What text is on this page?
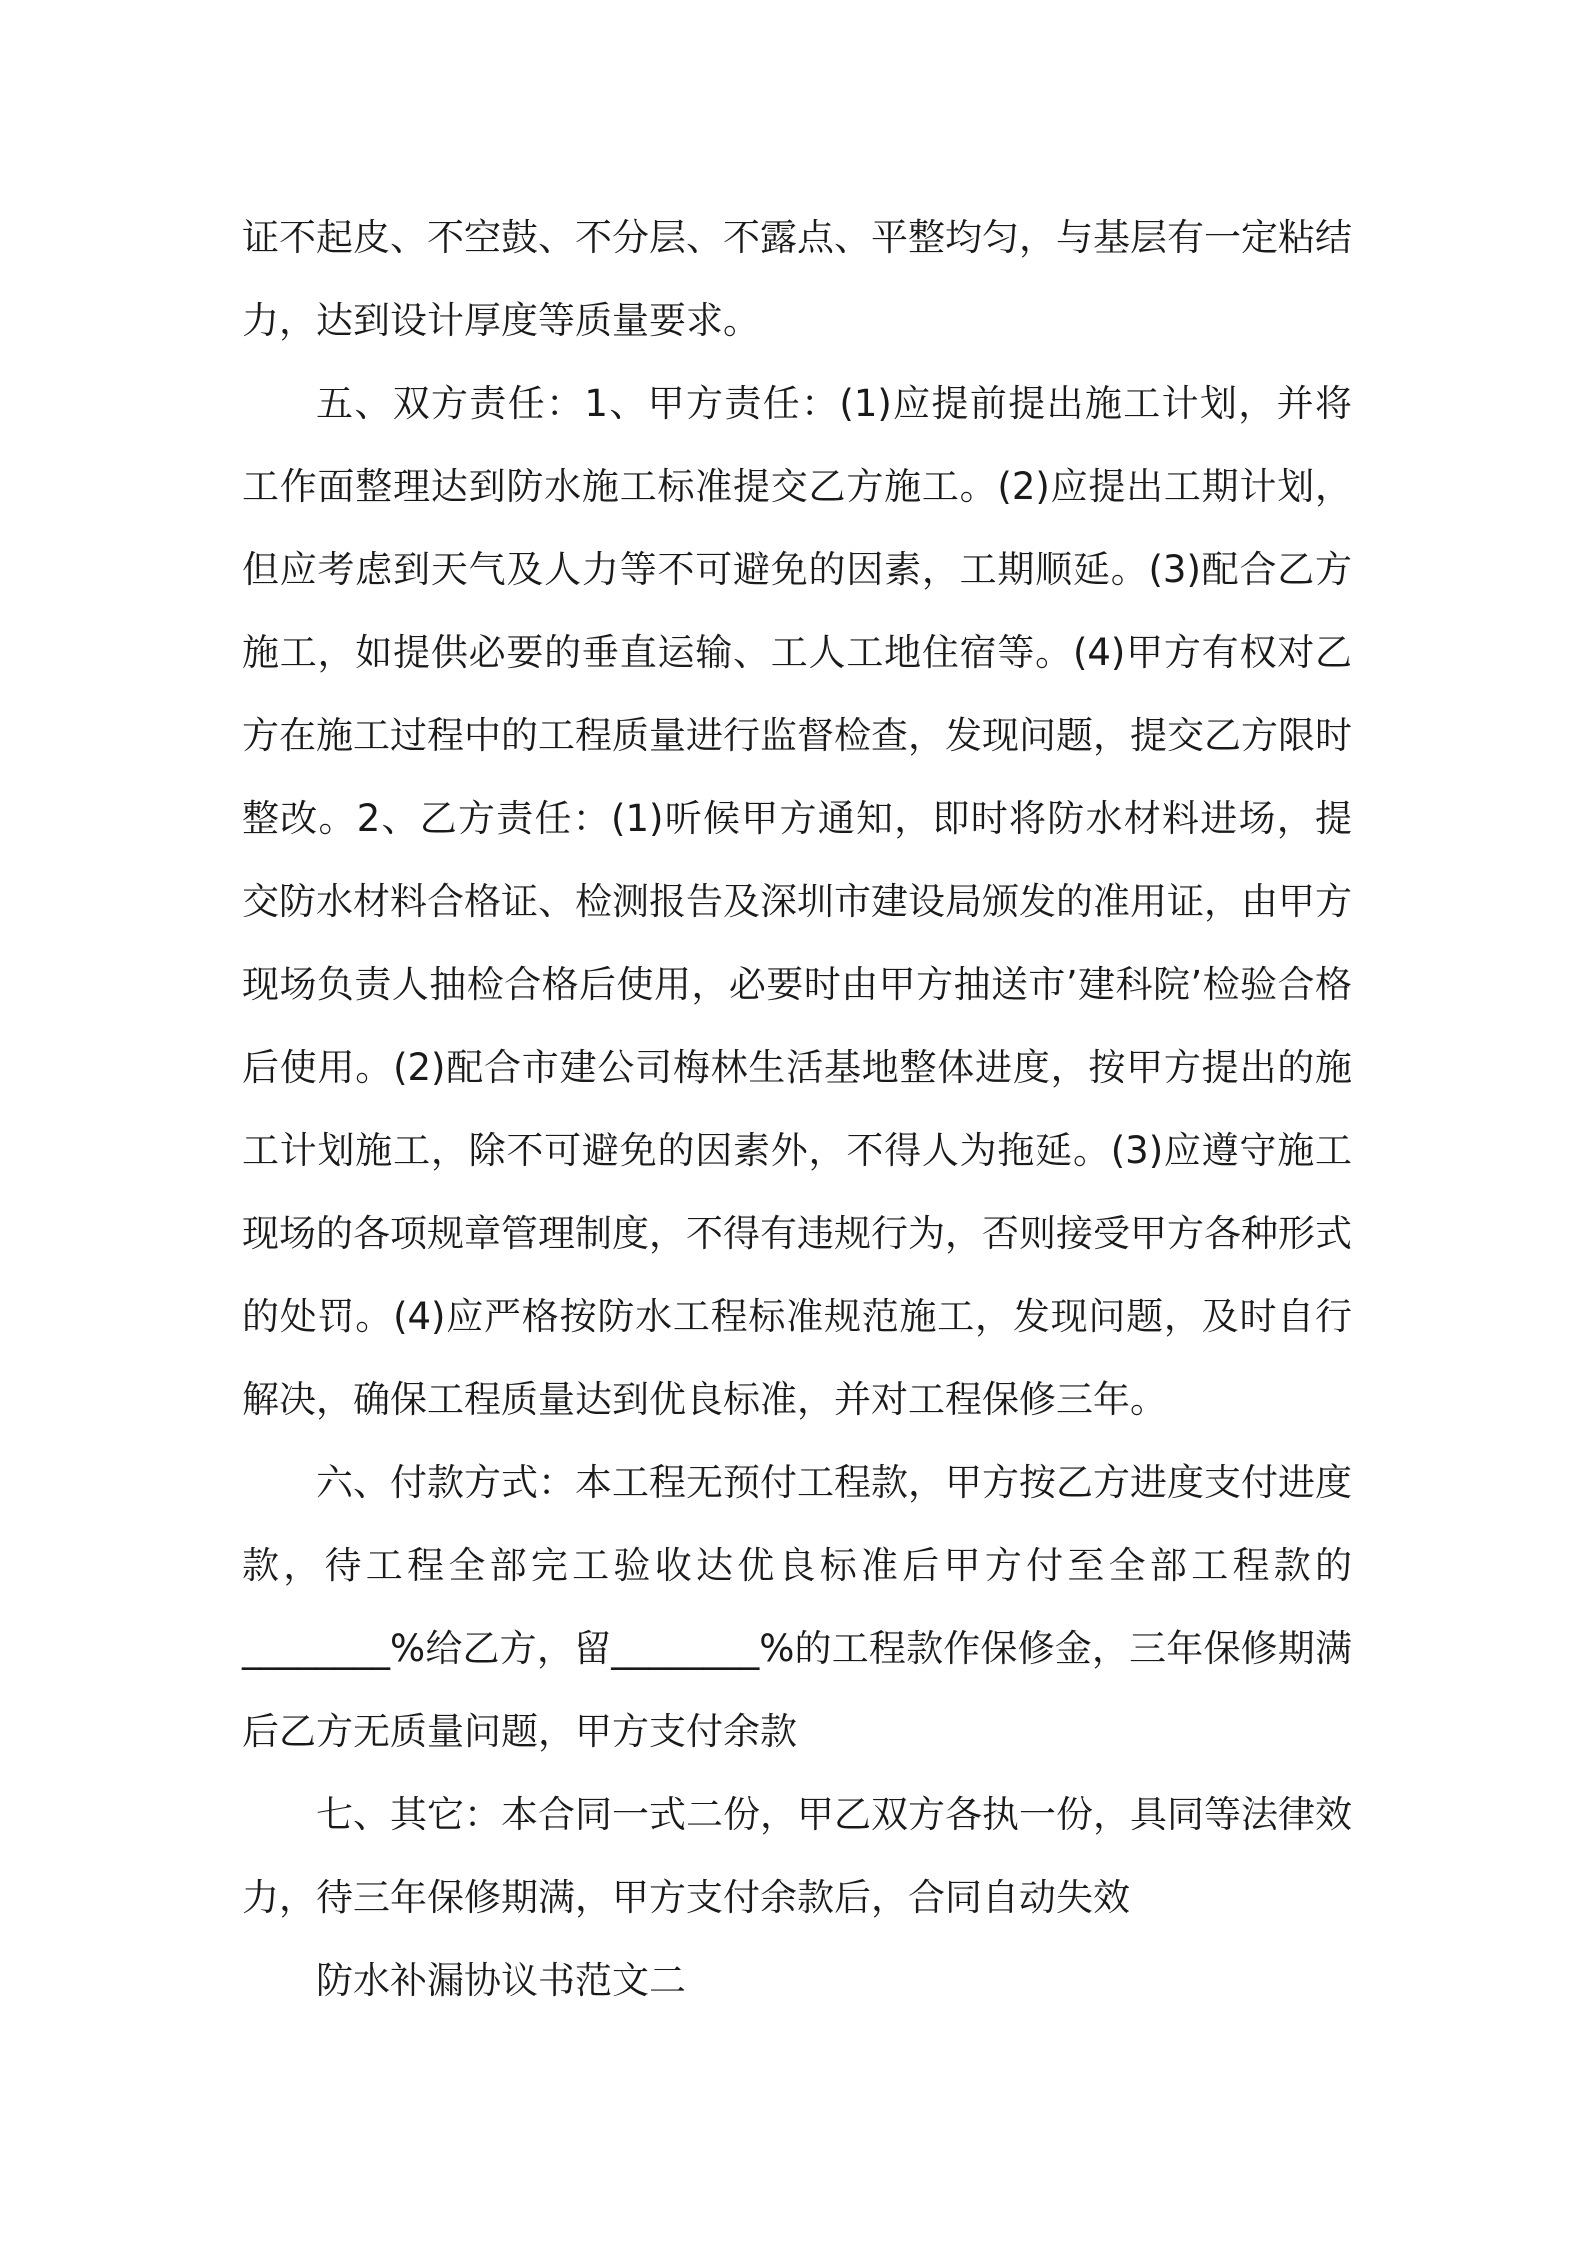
证不起皮、不空鼓、不分层、不露点、平整均匀，与基层有一定粘结力，达到设计厚度等质量要求。

五、双方责任：1、甲方责任：(1)应提前提出施工计划，并将工作面整理达到防水施工标准提交乙方施工。(2)应提出工期计划，但应考虑到天气及人力等不可避免的因素，工期顺延。(3)配合乙方施工，如提供必要的垂直运输、工人工地住宿等。(4)甲方有权对乙方在施工过程中的工程质量进行监督检查，发现问题，提交乙方限时整改。2、乙方责任：(1)听候甲方通知，即时将防水材料进场，提交防水材料合格证、检测报告及深圳市建设局颁发的准用证，由甲方现场负责人抽检合格后使用，必要时由甲方抽送市’建科院’检验合格后使用。(2)配合市建公司梅林生活基地整体进度，按甲方提出的施工计划施工，除不可避免的因素外，不得人为拖延。(3)应遵守施工现场的各项规章管理制度，不得有违规行为，否则接受甲方各种形式的处罚。(4)应严格按防水工程标准规范施工，发现问题，及时自行解决，确保工程质量达到优良标准，并对工程保修三年。

六、付款方式：本工程无预付工程款，甲方按乙方进度支付进度款，待工程全部完工验收达优良标准后甲方付至全部工程款的________%给乙方，留________%的工程款作保修金，三年保修期满后乙方无质量问题，甲方支付余款

七、其它：本合同一式二份，甲乙双方各执一份，具同等法律效力，待三年保修期满，甲方支付余款后，合同自动失效

防水补漏协议书范文二
